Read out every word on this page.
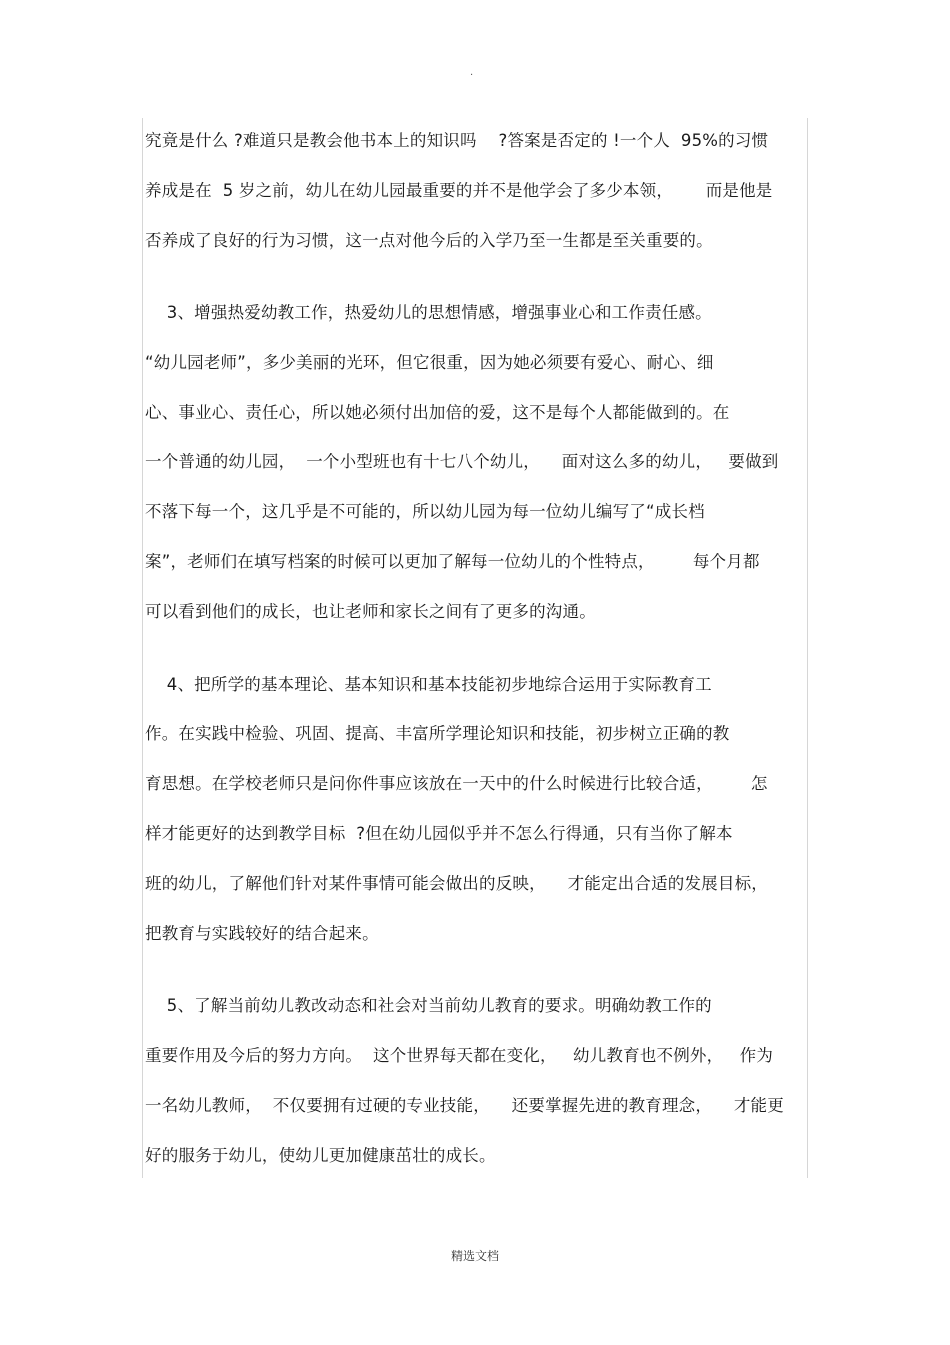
·
究竟是什么 ?难道只是教会他书本上的知识吗    ?答案是否定的 !一个人  95%的习惯
养成是在  5 岁之前，幼儿在幼儿园最重要的并不是他学会了多少本领，      而是他是
否养成了良好的行为习惯，这一点对他今后的入学乃至一生都是至关重要的。
3、增强热爱幼教工作，热爱幼儿的思想情感，增强事业心和工作责任感。
“幼儿园老师”，多少美丽的光环，但它很重，因为她必须要有爱心、耐心、细
心、事业心、责任心，所以她必须付出加倍的爱，这不是每个人都能做到的。在
一个普通的幼儿园，  一个小型班也有十七八个幼儿，    面对这么多的幼儿，   要做到
不落下每一个，这几乎是不可能的，所以幼儿园为每一位幼儿编写了“成长档
案”，老师们在填写档案的时候可以更加了解每一位幼儿的个性特点，       每个月都
可以看到他们的成长，也让老师和家长之间有了更多的沟通。
4、把所学的基本理论、基本知识和基本技能初步地综合运用于实际教育工
作。在实践中检验、巩固、提高、丰富所学理论知识和技能，初步树立正确的教
育思想。在学校老师只是问你件事应该放在一天中的什么时候进行比较合适，       怎
样才能更好的达到教学目标  ?但在幼儿园似乎并不怎么行得通，只有当你了解本
班的幼儿，了解他们针对某件事情可能会做出的反映，    才能定出合适的发展目标，
把教育与实践较好的结合起来。
5、了解当前幼儿教改动态和社会对当前幼儿教育的要求。明确幼教工作的
重要作用及今后的努力方向。  这个世界每天都在变化，   幼儿教育也不例外，   作为
一名幼儿教师，  不仅要拥有过硬的专业技能，    还要掌握先进的教育理念，    才能更
好的服务于幼儿，使幼儿更加健康茁壮的成长。
精选文档
